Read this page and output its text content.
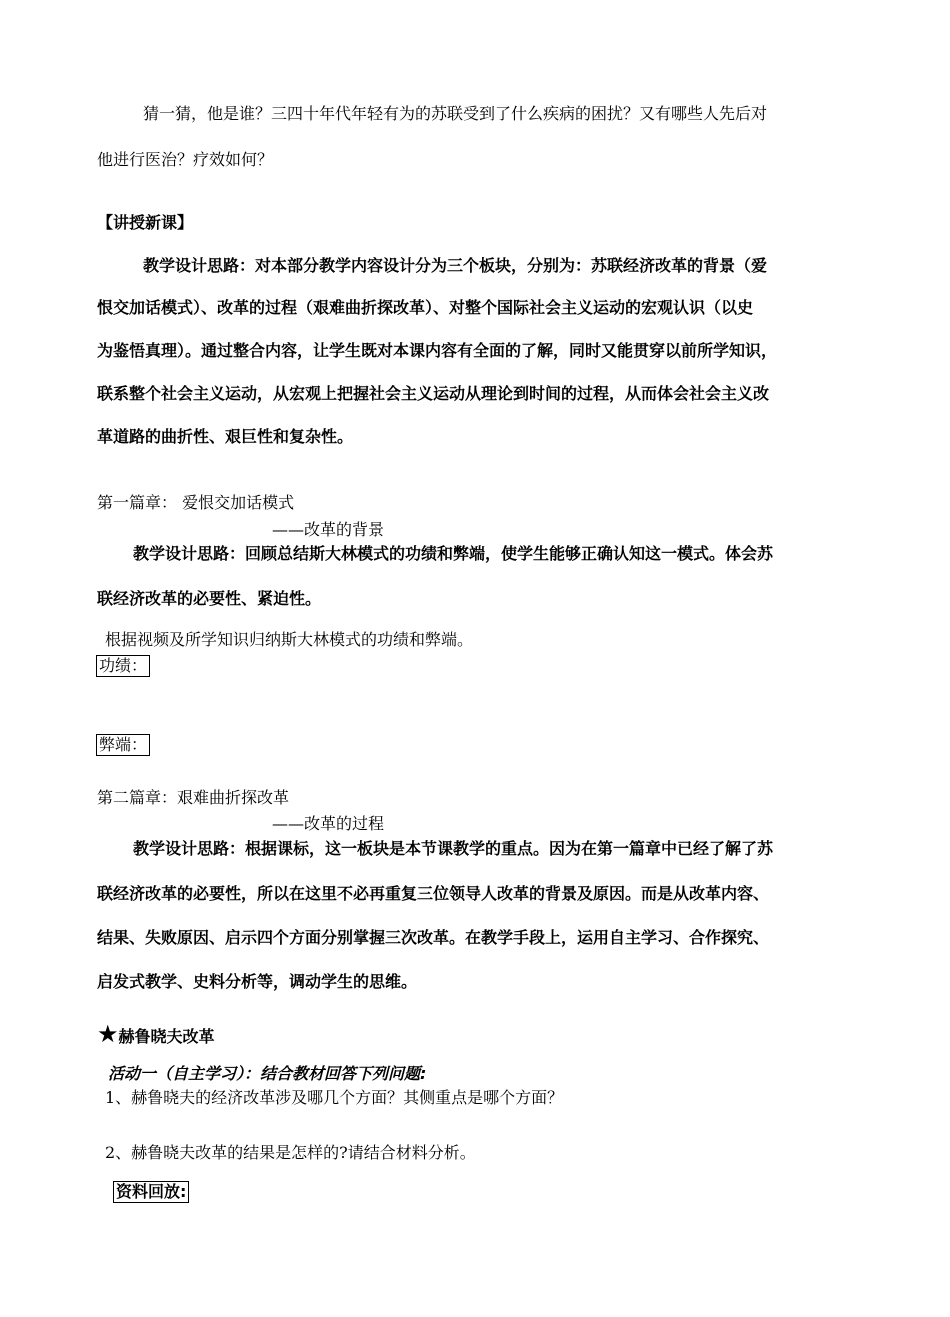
猜一猜，他是谁？三四十年代年轻有为的苏联受到了什么疾病的困扰？又有哪些人先后对
他进行医治？疗效如何？
【讲授新课】
教学设计思路：对本部分教学内容设计分为三个板块，分别为：苏联经济改革的背景（爱
恨交加话模式）、改革的过程（艰难曲折探改革）、对整个国际社会主义运动的宏观认识（以史
为鉴悟真理）。通过整合内容，让学生既对本课内容有全面的了解，同时又能贯穿以前所学知识，
联系整个社会主义运动，从宏观上把握社会主义运动从理论到时间的过程，从而体会社会主义改
革道路的曲折性、艰巨性和复杂性。
第一篇章： 爱恨交加话模式
——改革的背景
教学设计思路：回顾总结斯大林模式的功绩和弊端，使学生能够正确认知这一模式。体会苏
联经济改革的必要性、紧迫性。
根据视频及所学知识归纳斯大林模式的功绩和弊端。
功绩：
弊端：
第二篇章：艰难曲折探改革
——改革的过程
教学设计思路：根据课标，这一板块是本节课教学的重点。因为在第一篇章中已经了解了苏
联经济改革的必要性，所以在这里不必再重复三位领导人改革的背景及原因。而是从改革内容、
结果、失败原因、启示四个方面分别掌握三次改革。在教学手段上，运用自主学习、合作探究、
启发式教学、史料分析等，调动学生的思维。
★赫鲁晓夫改革
活动一（自主学习）：结合教材回答下列问题:
1、赫鲁晓夫的经济改革涉及哪几个方面？其侧重点是哪个方面？
2、赫鲁晓夫改革的结果是怎样的?请结合材料分析。
资料回放:
